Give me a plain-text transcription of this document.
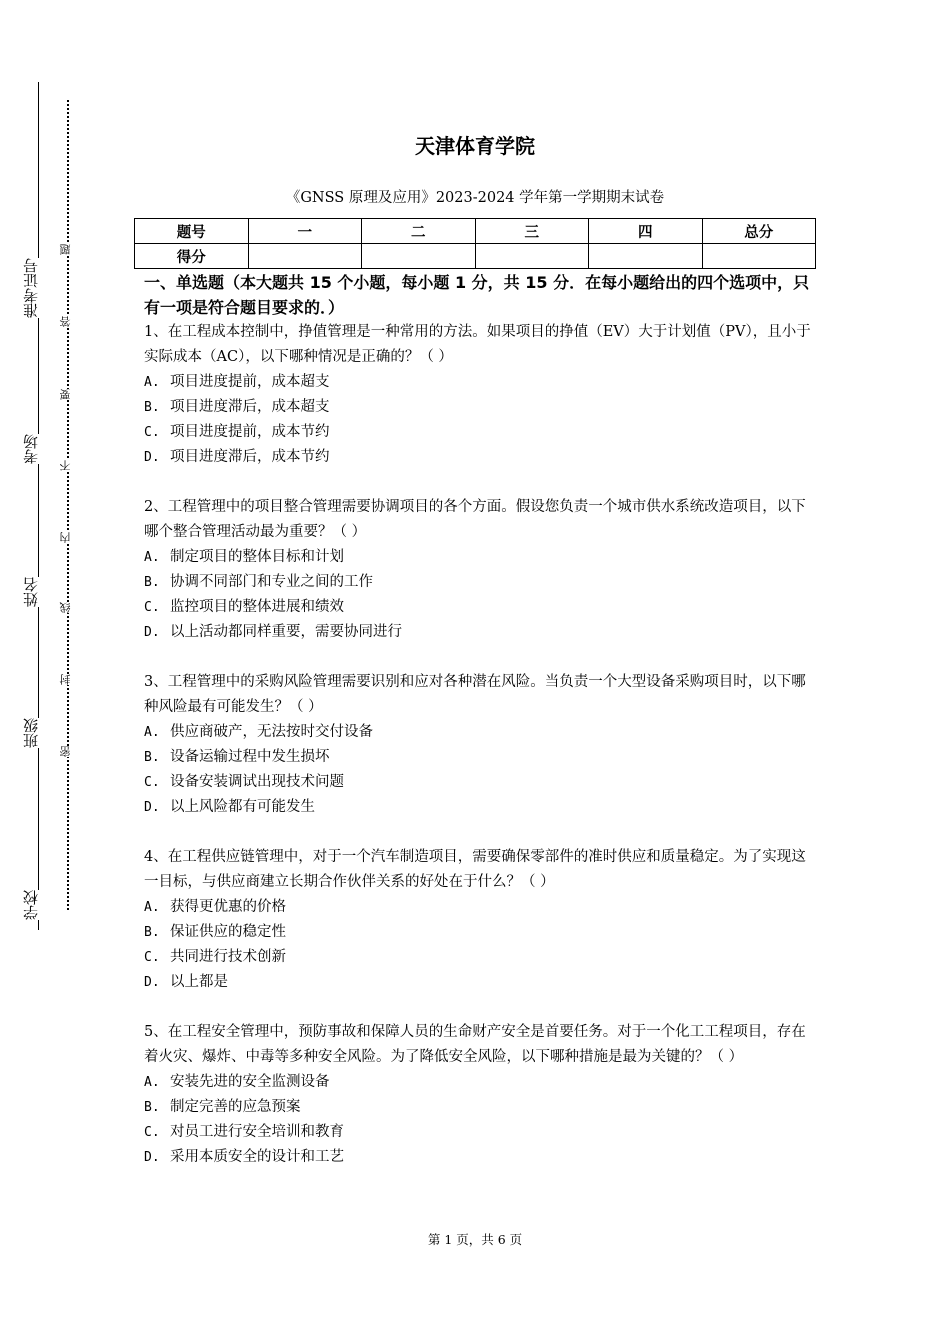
准考证号
考场
姓名
班级
学校
题
答
要
不
内
线
封
密
天津体育学院
《GNSS 原理及应用》2023-2024 学年第一学期期末试卷
题号	一	二	三	四	总分
得分					
一、单选题（本大题共 15 个小题，每小题 1 分，共 15 分．在每小题给出的四个选项中，只有一项是符合题目要求的．）
1、在工程成本控制中，挣值管理是一种常用的方法。如果项目的挣值（EV）大于计划值（PV），且小于实际成本（AC），以下哪种情况是正确的？（ ）
A. 项目进度提前，成本超支
B. 项目进度滞后，成本超支
C. 项目进度提前，成本节约
D. 项目进度滞后，成本节约
2、工程管理中的项目整合管理需要协调项目的各个方面。假设您负责一个城市供水系统改造项目，以下哪个整合管理活动最为重要？（ ）
A. 制定项目的整体目标和计划
B. 协调不同部门和专业之间的工作
C. 监控项目的整体进展和绩效
D. 以上活动都同样重要，需要协同进行
3、工程管理中的采购风险管理需要识别和应对各种潜在风险。当负责一个大型设备采购项目时，以下哪种风险最有可能发生？（ ）
A. 供应商破产，无法按时交付设备
B. 设备运输过程中发生损坏
C. 设备安装调试出现技术问题
D. 以上风险都有可能发生
4、在工程供应链管理中，对于一个汽车制造项目，需要确保零部件的准时供应和质量稳定。为了实现这一目标，与供应商建立长期合作伙伴关系的好处在于什么？（ ）
A. 获得更优惠的价格
B. 保证供应的稳定性
C. 共同进行技术创新
D. 以上都是
5、在工程安全管理中，预防事故和保障人员的生命财产安全是首要任务。对于一个化工工程项目，存在着火灾、爆炸、中毒等多种安全风险。为了降低安全风险，以下哪种措施是最为关键的？（ ）
A. 安装先进的安全监测设备
B. 制定完善的应急预案
C. 对员工进行安全培训和教育
D. 采用本质安全的设计和工艺
第 1 页，共 6 页
